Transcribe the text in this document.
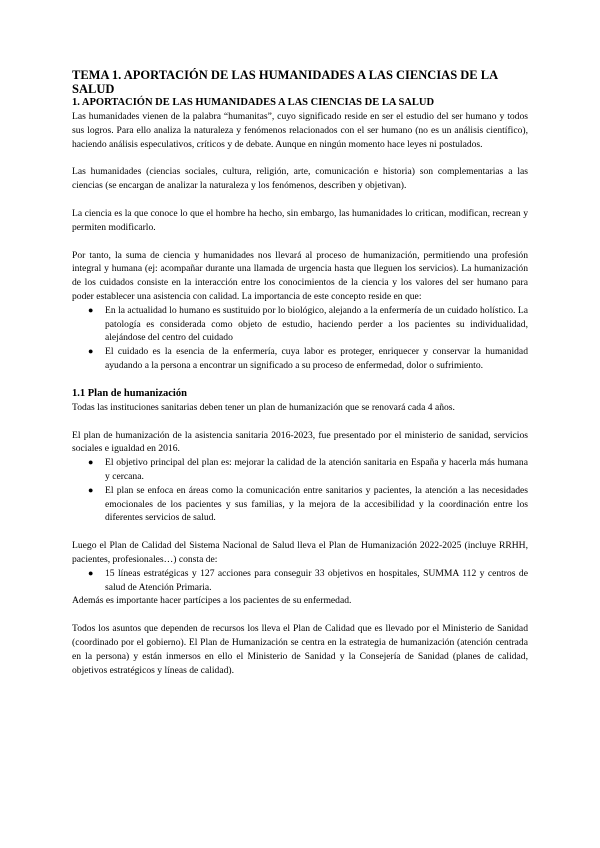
TEMA 1. APORTACIÓN DE LAS HUMANIDADES A LAS CIENCIAS DE LA SALUD
1. APORTACIÓN DE LAS HUMANIDADES A LAS CIENCIAS DE LA SALUD

Las humanidades vienen de la palabra “humanitas”, cuyo significado reside en ser el estudio del ser humano y todos sus logros. Para ello analiza la naturaleza y fenómenos relacionados con el ser humano (no es un análisis científico), haciendo análisis especulativos, críticos y de debate. Aunque en ningún momento hace leyes ni postulados.

Las humanidades (ciencias sociales, cultura, religión, arte, comunicación e historia) son complementarias a las ciencias (se encargan de analizar la naturaleza y los fenómenos, describen y objetivan).

La ciencia es la que conoce lo que el hombre ha hecho, sin embargo, las humanidades lo critican, modifican, recrean y permiten modificarlo.

Por tanto, la suma de ciencia y humanidades nos llevará al proceso de humanización, permitiendo una profesión integral y humana (ej: acompañar durante una llamada de urgencia hasta que lleguen los servicios). La humanización de los cuidados consiste en la interacción entre los conocimientos de la ciencia y los valores del ser humano para poder establecer una asistencia con calidad. La importancia de este concepto reside en que:

● En la actualidad lo humano es sustituido por lo biológico, alejando a la enfermería de un cuidado holístico. La patología es considerada como objeto de estudio, haciendo perder a los pacientes su individualidad, alejándose del centro del cuidado
● El cuidado es la esencia de la enfermería, cuya labor es proteger, enriquecer y conservar la humanidad ayudando a la persona a encontrar un significado a su proceso de enfermedad, dolor o sufrimiento.
1.1 Plan de humanización

Todas las instituciones sanitarias deben tener un plan de humanización que se renovará cada 4 años.

El plan de humanización de la asistencia sanitaria 2016-2023, fue presentado por el ministerio de sanidad, servicios sociales e igualdad en 2016.

● El objetivo principal del plan es: mejorar la calidad de la atención sanitaria en España y hacerla más humana y cercana.
● El plan se enfoca en áreas como la comunicación entre sanitarios y pacientes, la atención a las necesidades emocionales de los pacientes y sus familias, y la mejora de la accesibilidad y la coordinación entre los diferentes servicios de salud.

Luego el Plan de Calidad del Sistema Nacional de Salud lleva el Plan de Humanización 2022-2025 (incluye RRHH, pacientes, profesionales…) consta de:

● 15 líneas estratégicas y 127 acciones para conseguir 33 objetivos en hospitales, SUMMA 112 y centros de salud de Atención Primaria.

Además es importante hacer partícipes a los pacientes de su enfermedad.

Todos los asuntos que dependen de recursos los lleva el Plan de Calidad que es llevado por el Ministerio de Sanidad (coordinado por el gobierno). El Plan de Humanización se centra en la estrategia de humanización (atención centrada en la persona) y están inmersos en ello el Ministerio de Sanidad y la Consejería de Sanidad (planes de calidad, objetivos estratégicos y líneas de calidad).
